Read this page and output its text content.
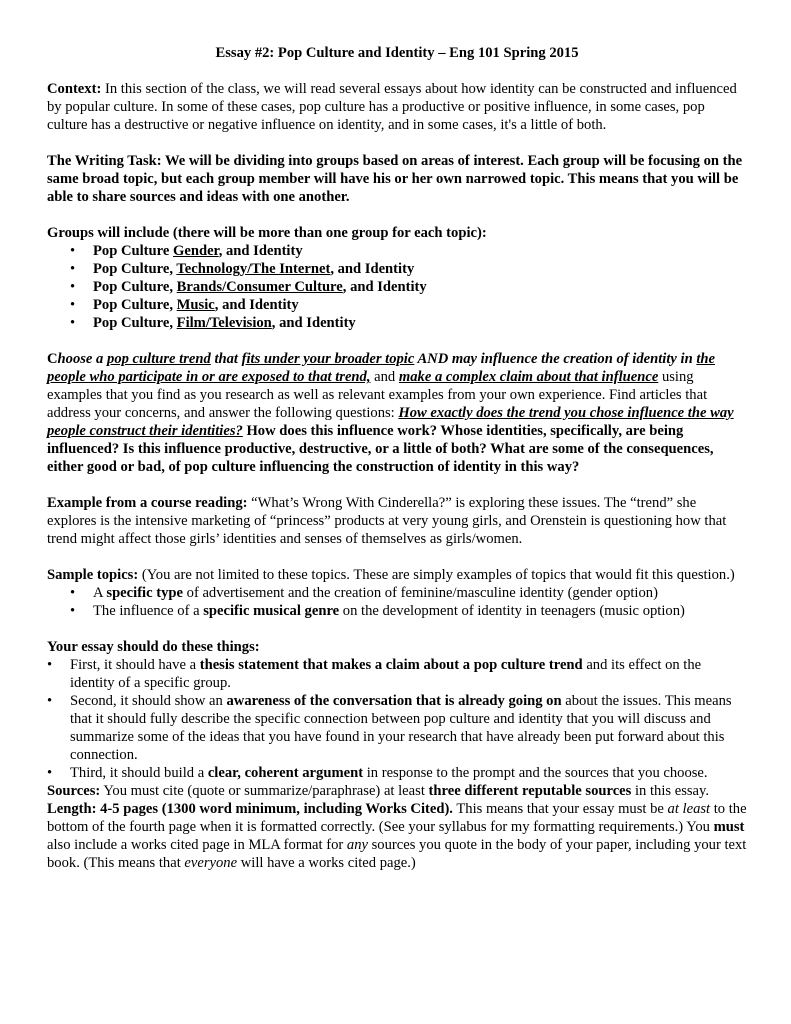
Essay #2: Pop Culture and Identity – Eng 101 Spring 2015

Context: In this section of the class, we will read several essays about how identity can be constructed and influenced by popular culture. In some of these cases, pop culture has a productive or positive influence, in some cases, pop culture has a destructive or negative influence on identity, and in some cases, it's a little of both.

The Writing Task: We will be dividing into groups based on areas of interest. Each group will be focusing on the same broad topic, but each group member will have his or her own narrowed topic. This means that you will be able to share sources and ideas with one another.

Groups will include (there will be more than one group for each topic):

• Pop Culture Gender, and Identity
• Pop Culture, Technology/The Internet, and Identity
• Pop Culture, Brands/Consumer Culture, and Identity
• Pop Culture, Music, and Identity
• Pop Culture, Film/Television, and Identity

Choose a pop culture trend that fits under your broader topic AND may influence the creation of identity in the people who participate in or are exposed to that trend, and make a complex claim about that influence using examples that you find as you research as well as relevant examples from your own experience. Find articles that address your concerns, and answer the following questions: How exactly does the trend you chose influence the way people construct their identities? How does this influence work? Whose identities, specifically, are being influenced? Is this influence productive, destructive, or a little of both? What are some of the consequences, either good or bad, of pop culture influencing the construction of identity in this way?

Example from a course reading: “What’s Wrong With Cinderella?” is exploring these issues. The “trend” she explores is the intensive marketing of “princess” products at very young girls, and Orenstein is questioning how that trend might affect those girls’ identities and senses of themselves as girls/women.

Sample topics: (You are not limited to these topics. These are simply examples of topics that would fit this question.)

• A specific type of advertisement and the creation of feminine/masculine identity (gender option)
• The influence of a specific musical genre on the development of identity in teenagers (music option)

Your essay should do these things:

• First, it should have a thesis statement that makes a claim about a pop culture trend and its effect on the identity of a specific group.
• Second, it should show an awareness of the conversation that is already going on about the issues. This means that it should fully describe the specific connection between pop culture and identity that you will discuss and summarize some of the ideas that you have found in your research that have already been put forward about this connection.
• Third, it should build a clear, coherent argument in response to the prompt and the sources that you choose.

Sources: You must cite (quote or summarize/paraphrase) at least three different reputable sources in this essay.

Length: 4-5 pages (1300 word minimum, including Works Cited). This means that your essay must be at least to the bottom of the fourth page when it is formatted correctly. (See your syllabus for my formatting requirements.) You must also include a works cited page in MLA format for any sources you quote in the body of your paper, including your text book. (This means that everyone will have a works cited page.)
